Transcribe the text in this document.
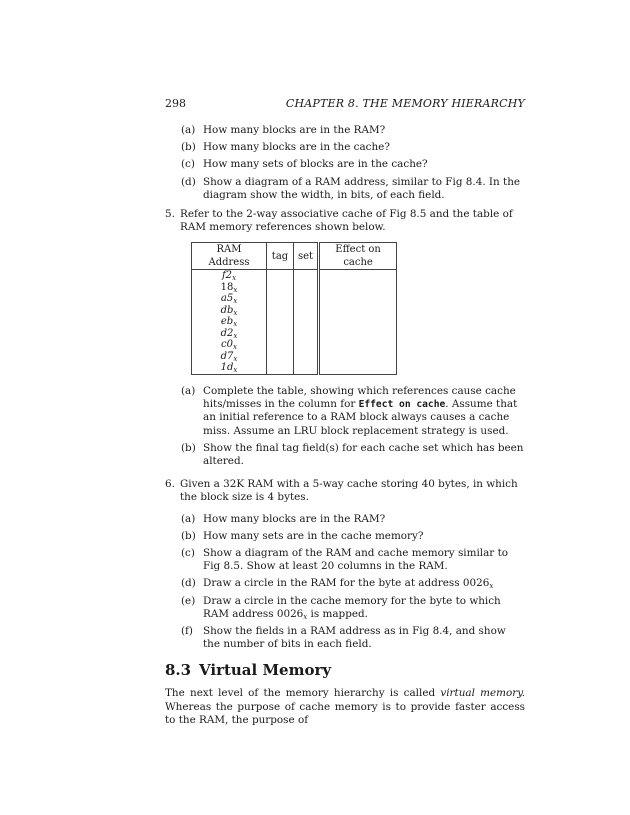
298	CHAPTER 8. THE MEMORY HIERARCHY
(a) How many blocks are in the RAM?
(b) How many blocks are in the cache?
(c) How many sets of blocks are in the cache?
(d) Show a diagram of a RAM address, similar to Fig 8.4. In the diagram show the width, in bits, of each field.
5. Refer to the 2-way associative cache of Fig 8.5 and the table of RAM memory references shown below.
RAM Address	tag	set	Effect on cache
$f2_x$			
$18_x$			
$a5_x$			
$db_x$			
$eb_x$			
$d2_x$			
$c0_x$			
$d7_x$			
$1d_x$			
(a) Complete the table, showing which references cause cache hits/misses in the column for Effect on cache. Assume that an initial reference to a RAM block always causes a cache miss. Assume an LRU block replacement strategy is used.
(b) Show the final tag field(s) for each cache set which has been altered.
6. Given a 32K RAM with a 5-way cache storing 40 bytes, in which the block size is 4 bytes.
(a) How many blocks are in the RAM?
(b) How many sets are in the cache memory?
(c) Show a diagram of the RAM and cache memory similar to Fig 8.5. Show at least 20 columns in the RAM.
(d) Draw a circle in the RAM for the byte at address $0026_x$
(e) Draw a circle in the cache memory for the byte to which RAM address $0026_x$ is mapped.
(f) Show the fields in a RAM address as in Fig 8.4, and show the number of bits in each field.
8.3 Virtual Memory
The next level of the memory hierarchy is called virtual memory. Whereas the purpose of cache memory is to provide faster access to the RAM, the purpose of
